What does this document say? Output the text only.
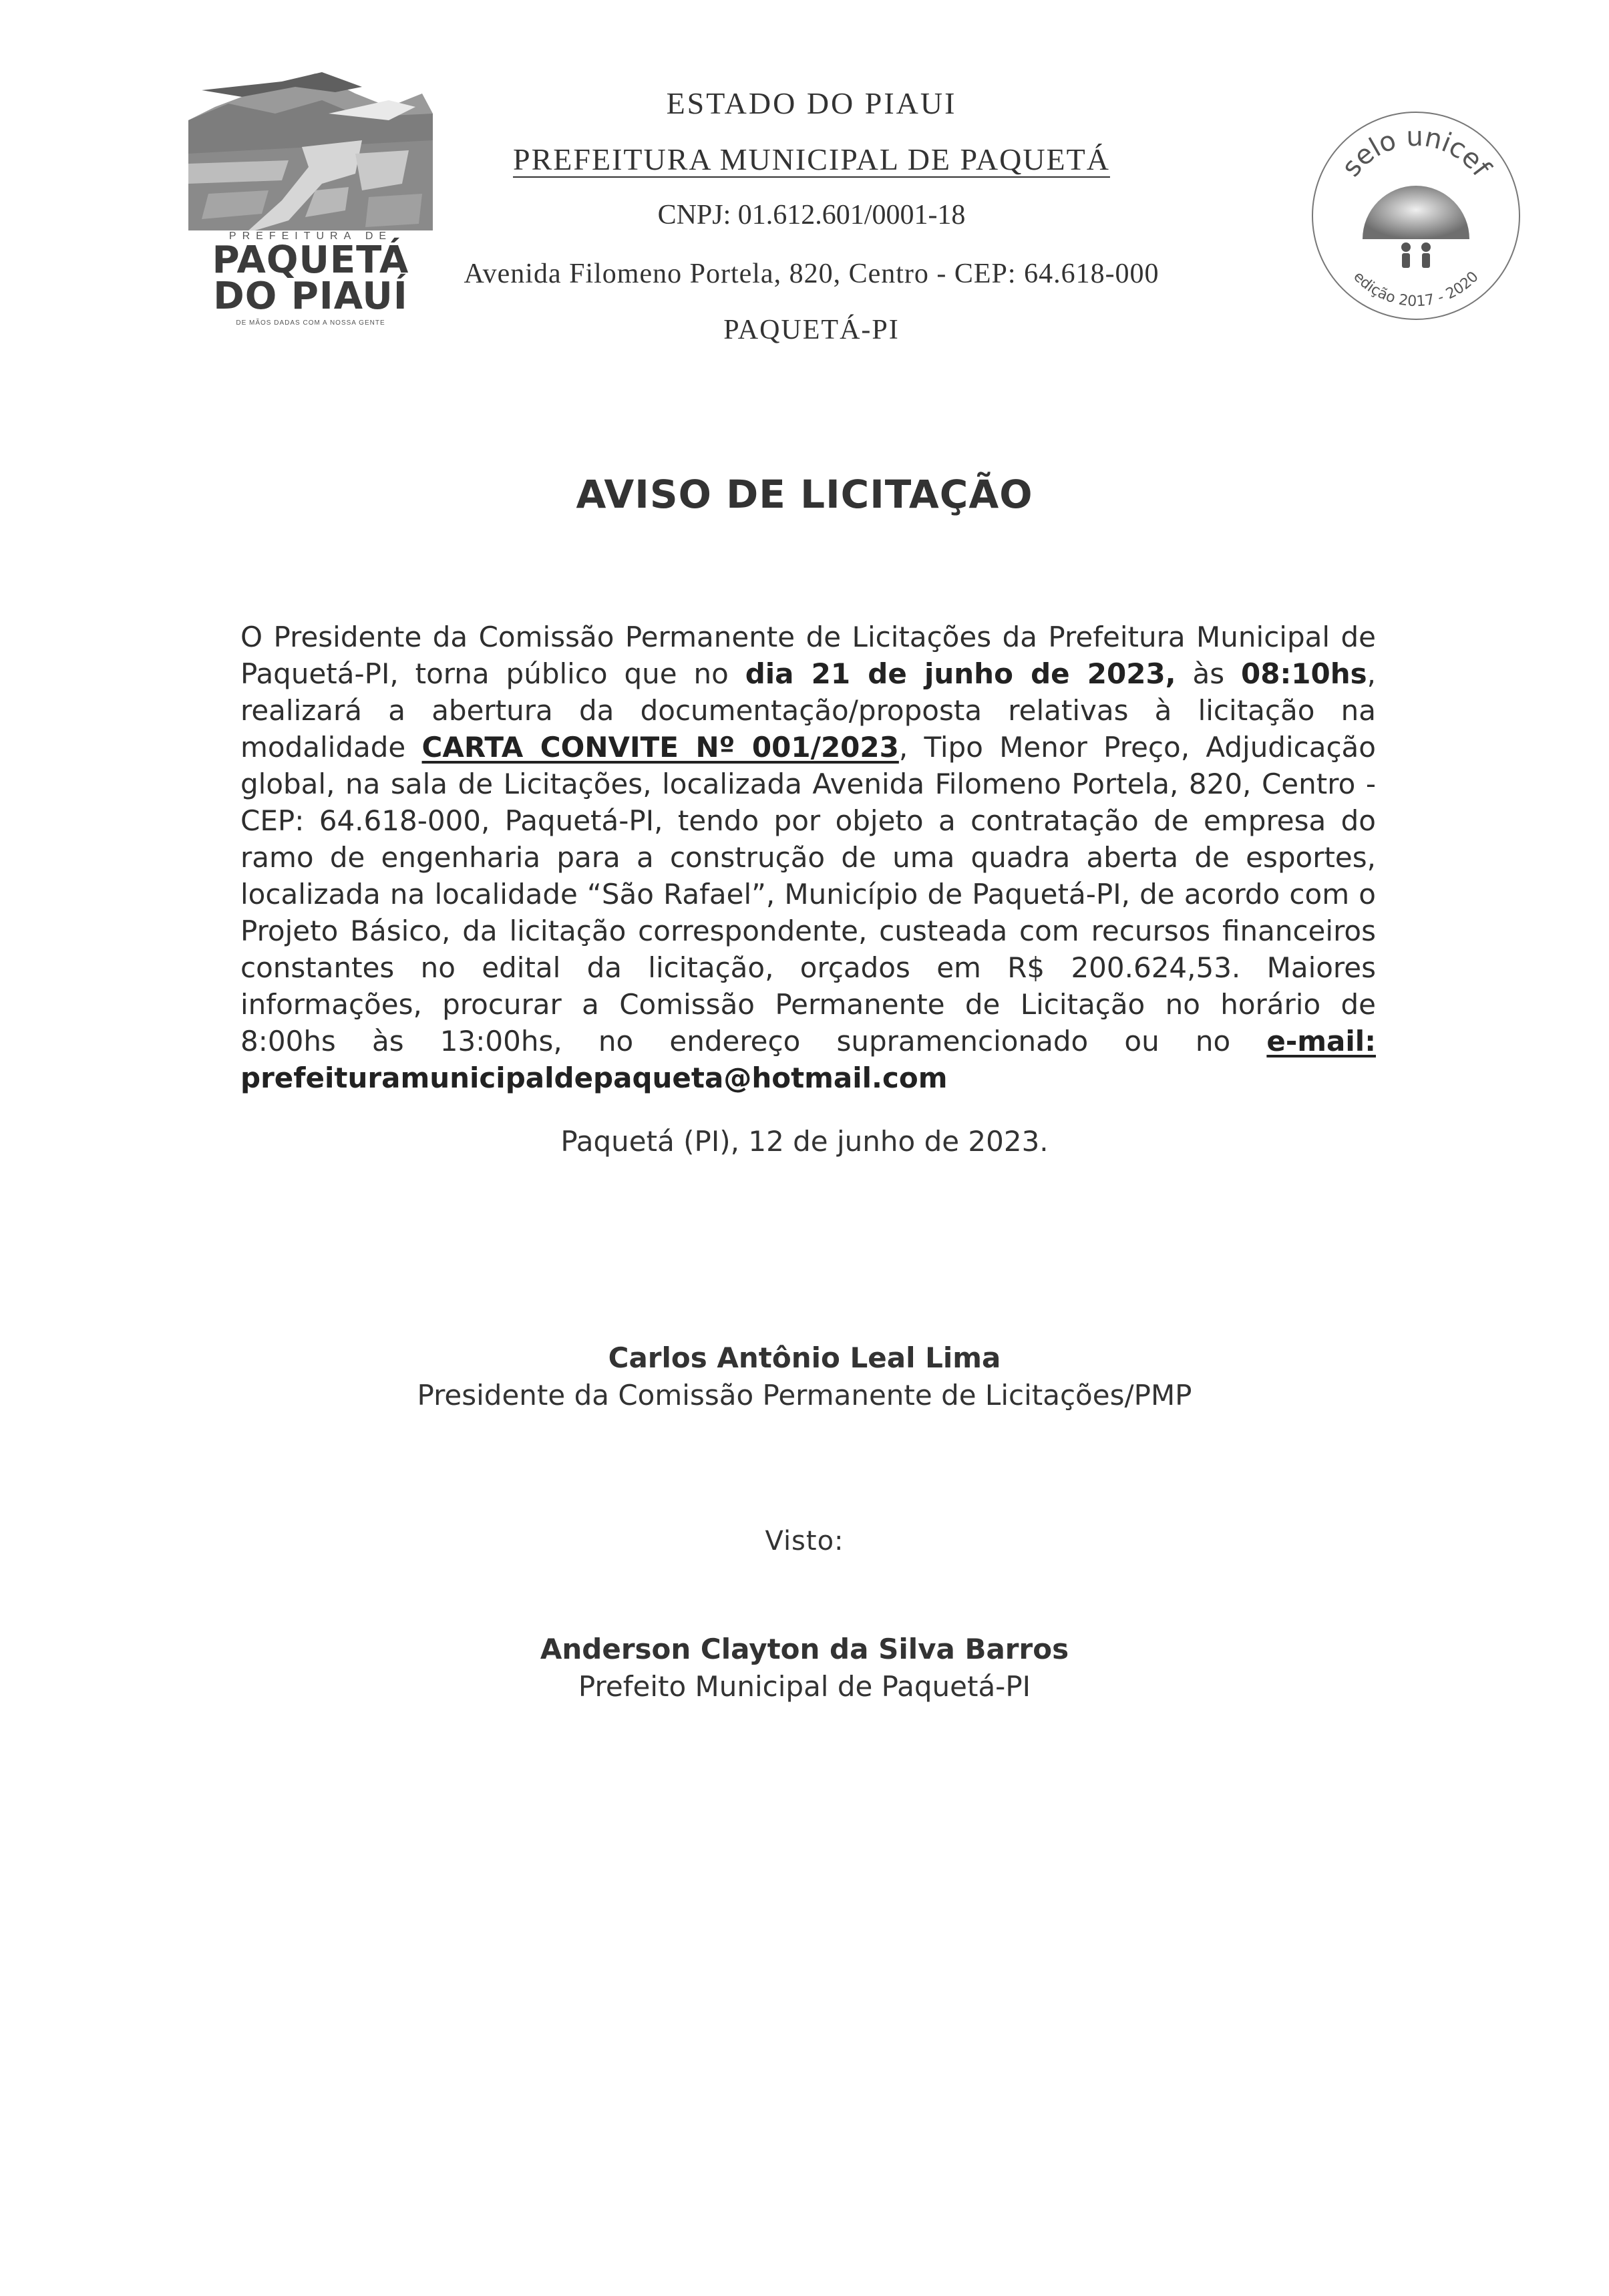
PREFEITURA DE
PAQUETÁ
DO PIAUÍ
DE MÃOS DADAS COM A NOSSA GENTE
ESTADO DO PIAUI
PREFEITURA MUNICIPAL DE PAQUETÁ
CNPJ: 01.612.601/0001-18
Avenida Filomeno Portela, 820, Centro - CEP: 64.618-000
PAQUETÁ-PI
selo unicef
edição 2017 - 2020
AVISO DE LICITAÇÃO
O Presidente da Comissão Permanente de Licitações da Prefeitura Municipal de Paquetá-PI, torna público que no dia 21 de junho de 2023, às 08:10hs, realizará a abertura da documentação/proposta relativas à licitação na modalidade CARTA CONVITE Nº 001/2023, Tipo Menor Preço, Adjudicação global, na sala de Licitações, localizada Avenida Filomeno Portela, 820, Centro - CEP: 64.618-000, Paquetá-PI, tendo por objeto a contratação de empresa do ramo de engenharia para a construção de uma quadra aberta de esportes, localizada na localidade “São Rafael”, Município de Paquetá-PI, de acordo com o Projeto Básico, da licitação correspondente, custeada com recursos financeiros constantes no edital da licitação, orçados em R$ 200.624,53. Maiores informações, procurar a Comissão Permanente de Licitação no horário de 8:00hs às 13:00hs, no endereço supramencionado ou no e-mail: prefeituramunicipaldepaqueta@hotmail.com
Paquetá (PI), 12 de junho de 2023.
Carlos Antônio Leal Lima
Presidente da Comissão Permanente de Licitações/PMP
Visto:
Anderson Clayton da Silva Barros
Prefeito Municipal de Paquetá-PI
